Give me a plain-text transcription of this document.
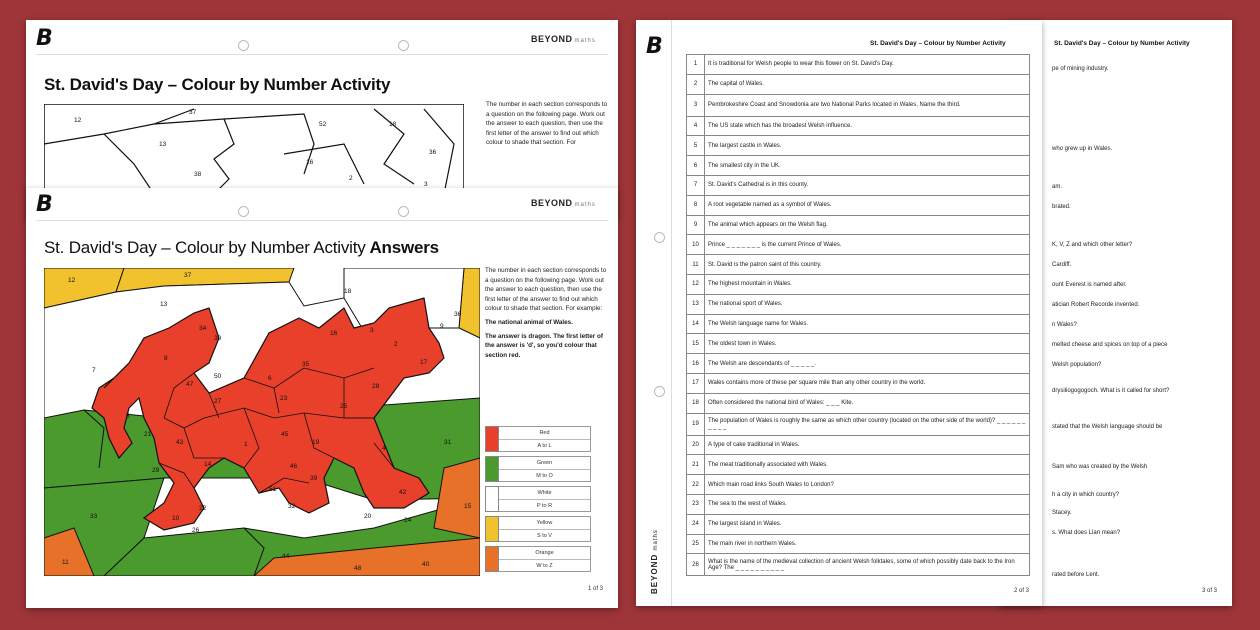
B	BEYOND maths
St. David's Day – Colour by Number Activity
The number in each section corresponds to a question on the following page. Work out the answer to each question, then use the first letter of the answer to find out which colour to shade that section. For
12
37
52	18
13
36
16
38
2
3
B	BEYOND maths
St. David's Day – Colour by Number Activity Answers

The number in each section corresponds to a question on the following page. Work out the answer to each question, then use the first letter of the answer to find out which colour to shade that section. For example:

The national animal of Wales.

The answer is dragon. The first letter of the answer is 'd', so you'd colour that section red.

Red
A to L
Green
M to O
White
P to R
Yellow
S to V
Orange
W to Z
12
37
13
18
36
16
2
34
30
35
8
7
17
50
47
23
25
5
27
6
21
43
45
19
29
46
14
1
4
39
51	42
10
32
22
26
20
44
24
11
48
40
28
33
9
3
31
15
1 of 3
St. David's Day – Colour by Number Activity
pe of mining industry.
who grew up in Wales.
am.
brated.
K, V, Z and which other letter?
Cardiff.
ount Everest is named after.
atician Robert Recorde invented.
n Wales?
melted cheese and spices on top of a piece
Welsh population?
drysiliogogogoch. What is it called for short?
stated that the Welsh language should be
Sam who was created by the Welsh
h a city in which country?
Stacey.
s. What does Llan mean?
rated before Lent.
3 of 3
B
BEYOND maths
St. David's Day – Colour by Number Activity
1	It is traditional for Welsh people to wear this flower on St. David's Day.
2	The capital of Wales.
3	Pembrokeshire Coast and Snowdonia are two National Parks located in Wales. Name the third.
4	The US state which has the broadest Welsh influence.
5	The largest castle in Wales.
6	The smallest city in the UK.
7	St. David's Cathedral is in this county.
8	A root vegetable named as a symbol of Wales.
9	The animal which appears on the Welsh flag.
10	Prince _ _ _ _ _ _ _ is the current Prince of Wales.
11	St. David is the patron saint of this country.
12	The highest mountain in Wales.
13	The national sport of Wales.
14	The Welsh language name for Wales.
15	The oldest town in Wales.
16	The Welsh are descendants of _ _ _ _ _.
17	Wales contains more of these per square mile than any other country in the world.
18	Often considered the national bird of Wales: _ _ _ Kite.
19	The population of Wales is roughly the same as which other country (located on the other side of the world)? _ _ _ _ _ _ _ _ _ _
20	A type of cake traditional in Wales.
21	The meat traditionally associated with Wales.
22	Which main road links South Wales to London?
23	The sea to the west of Wales.
24	The largest island in Wales.
25	The main river in northern Wales.
26	What is the name of the medieval collection of ancient Welsh folktales, some of which possibly date back to the Iron Age? The _ _ _ _ _ _ _ _ _ _
2 of 3
